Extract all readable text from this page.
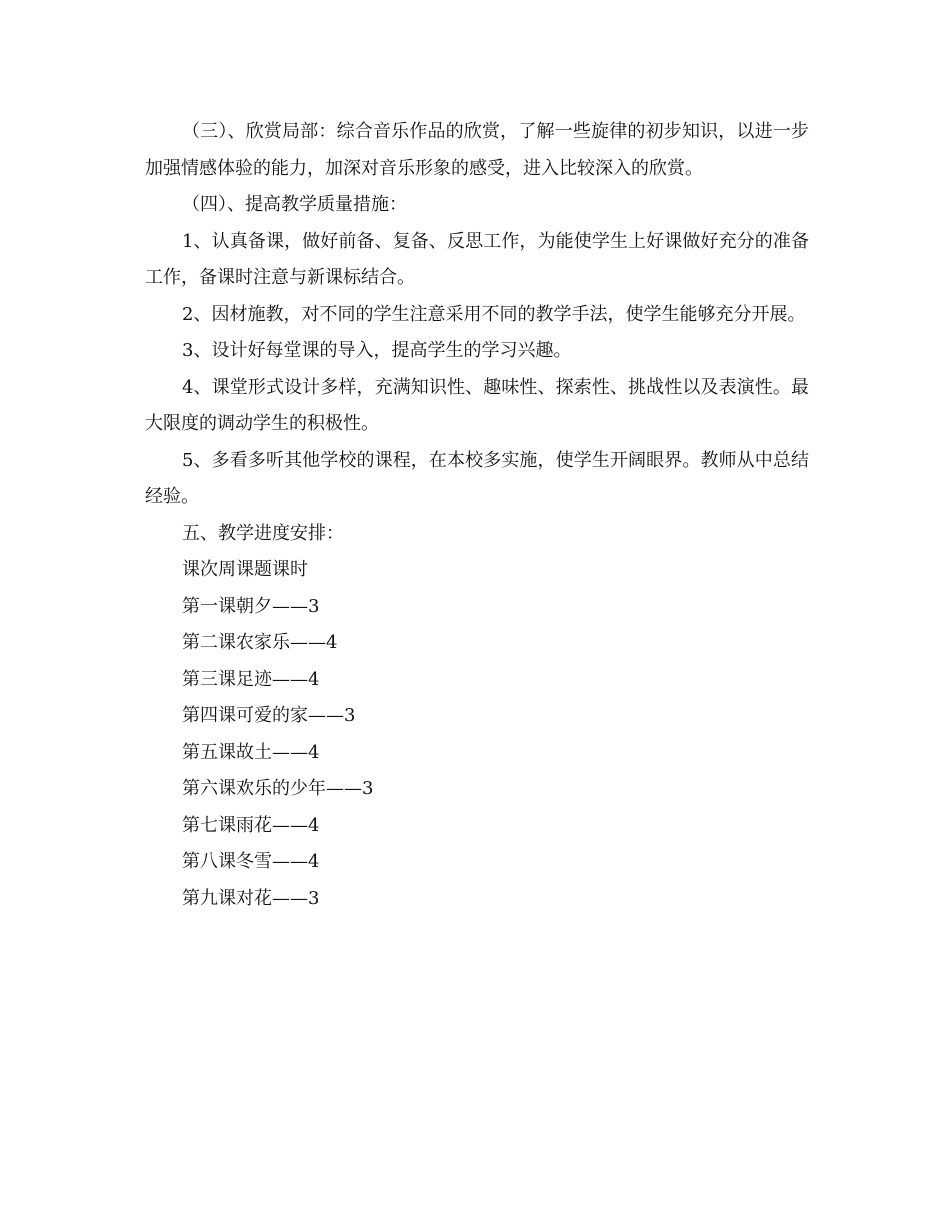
（三）、欣赏局部：综合音乐作品的欣赏，了解一些旋律的初步知识，以进一步加强情感体验的能力，加深对音乐形象的感受，进入比较深入的欣赏。

（四）、提高教学质量措施：

1、认真备课，做好前备、复备、反思工作，为能使学生上好课做好充分的准备工作，备课时注意与新课标结合。

2、因材施教，对不同的学生注意采用不同的教学手法，使学生能够充分开展。

3、设计好每堂课的导入，提高学生的学习兴趣。

4、课堂形式设计多样，充满知识性、趣味性、探索性、挑战性以及表演性。最大限度的调动学生的积极性。

5、多看多听其他学校的课程，在本校多实施，使学生开阔眼界。教师从中总结经验。

五、教学进度安排：

课次周课题课时

第一课朝夕——3

第二课农家乐——4

第三课足迹——4

第四课可爱的家——3

第五课故土——4

第六课欢乐的少年——3

第七课雨花——4

第八课冬雪——4

第九课对花——3
